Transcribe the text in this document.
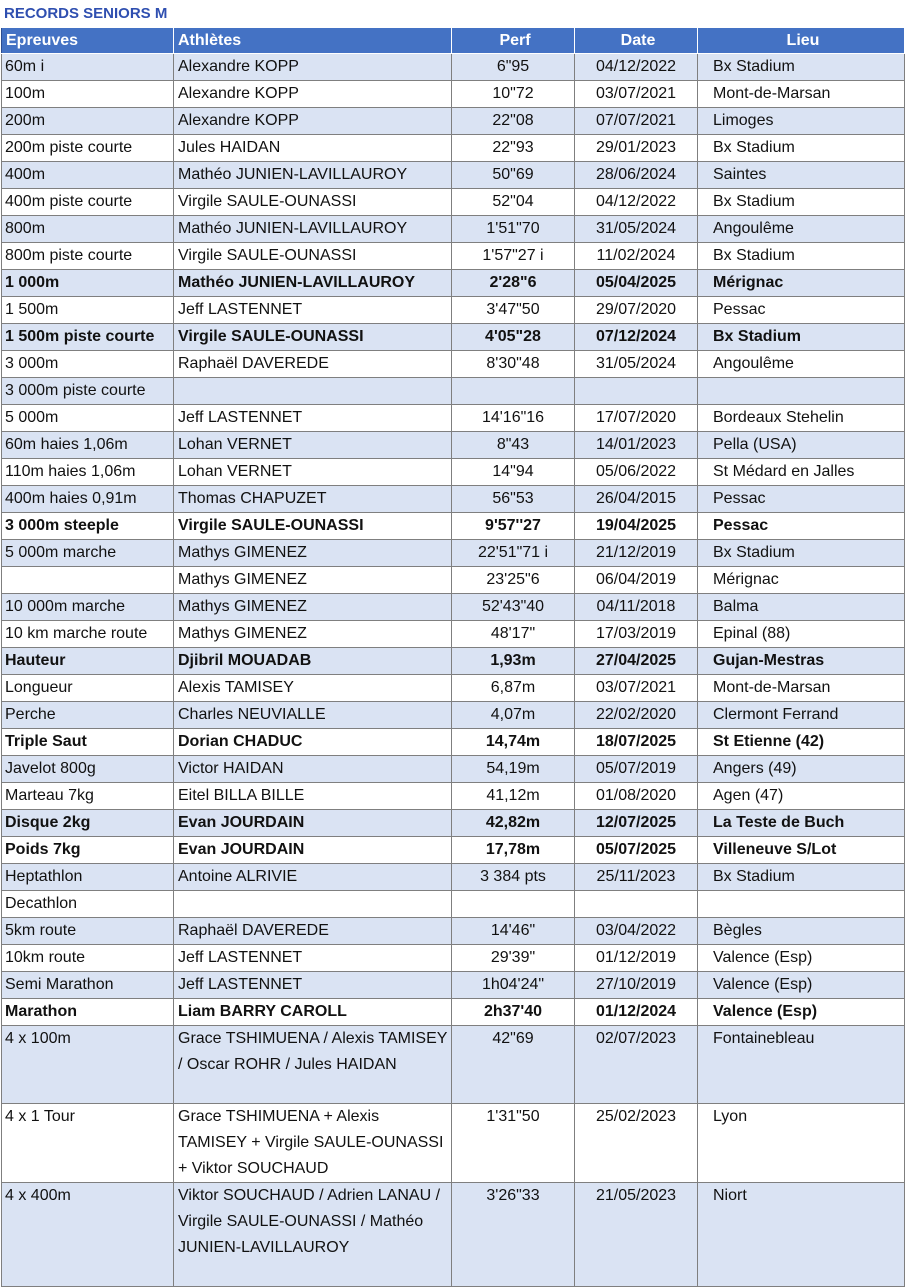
RECORDS SENIORS M
Epreuves	Athlètes	Perf	Date	Lieu
60m i	Alexandre KOPP	6"95	04/12/2022	Bx Stadium
100m	Alexandre KOPP	10"72	03/07/2021	Mont-de-Marsan
200m	Alexandre KOPP	22"08	07/07/2021	Limoges
200m piste courte	Jules HAIDAN	22"93	29/01/2023	Bx Stadium
400m	Mathéo JUNIEN-LAVILLAUROY	50"69	28/06/2024	Saintes
400m piste courte	Virgile SAULE-OUNASSI	52"04	04/12/2022	Bx Stadium
800m	Mathéo JUNIEN-LAVILLAUROY	1'51"70	31/05/2024	Angoulême
800m piste courte	Virgile SAULE-OUNASSI	1'57"27 i	11/02/2024	Bx Stadium
1 000m	Mathéo JUNIEN-LAVILLAUROY	2'28"6	05/04/2025	Mérignac
1 500m	Jeff LASTENNET	3'47"50	29/07/2020	Pessac
1 500m piste courte	Virgile SAULE-OUNASSI	4'05"28	07/12/2024	Bx Stadium
3 000m	Raphaël DAVEREDE	8'30"48	31/05/2024	Angoulême
3 000m piste courte				
5 000m	Jeff LASTENNET	14'16"16	17/07/2020	Bordeaux Stehelin
60m haies 1,06m	Lohan VERNET	8"43	14/01/2023	Pella (USA)
110m haies 1,06m	Lohan VERNET	14"94	05/06/2022	St Médard en Jalles
400m haies 0,91m	Thomas CHAPUZET	56"53	26/04/2015	Pessac
3 000m steeple	Virgile SAULE-OUNASSI	9'57''27	19/04/2025	Pessac
5 000m marche	Mathys GIMENEZ	22'51"71 i	21/12/2019	Bx Stadium
	Mathys GIMENEZ	23'25"6	06/04/2019	Mérignac
10 000m marche	Mathys GIMENEZ	52'43"40	04/11/2018	Balma
10 km marche route	Mathys GIMENEZ	48'17"	17/03/2019	Epinal (88)
Hauteur	Djibril MOUADAB	1,93m	27/04/2025	Gujan-Mestras
Longueur	Alexis TAMISEY	6,87m	03/07/2021	Mont-de-Marsan
Perche	Charles NEUVIALLE	4,07m	22/02/2020	Clermont Ferrand
Triple Saut	Dorian CHADUC	14,74m	18/07/2025	St Etienne (42)
Javelot 800g	Victor HAIDAN	54,19m	05/07/2019	Angers (49)
Marteau 7kg	Eitel BILLA BILLE	41,12m	01/08/2020	Agen (47)
Disque 2kg	Evan JOURDAIN	42,82m	12/07/2025	La Teste de Buch
Poids 7kg	Evan JOURDAIN	17,78m	05/07/2025	Villeneuve S/Lot
Heptathlon	Antoine ALRIVIE	3 384 pts	25/11/2023	Bx Stadium
Decathlon				
5km route	Raphaël DAVEREDE	14'46"	03/04/2022	Bègles
10km route	Jeff LASTENNET	29'39"	01/12/2019	Valence (Esp)
Semi Marathon	Jeff LASTENNET	1h04'24"	27/10/2019	Valence (Esp)
Marathon	Liam BARRY CAROLL	2h37'40	01/12/2024	Valence (Esp)
4 x 100m	Grace TSHIMUENA / Alexis TAMISEY / Oscar ROHR / Jules HAIDAN	42"69	02/07/2023	Fontainebleau
4 x 1 Tour	Grace TSHIMUENA + Alexis TAMISEY + Virgile SAULE-OUNASSI + Viktor SOUCHAUD	1'31"50	25/02/2023	Lyon
4 x 400m	Viktor SOUCHAUD / Adrien LANAU / Virgile SAULE-OUNASSI / Mathéo JUNIEN-LAVILLAUROY	3'26"33	21/05/2023	Niort
